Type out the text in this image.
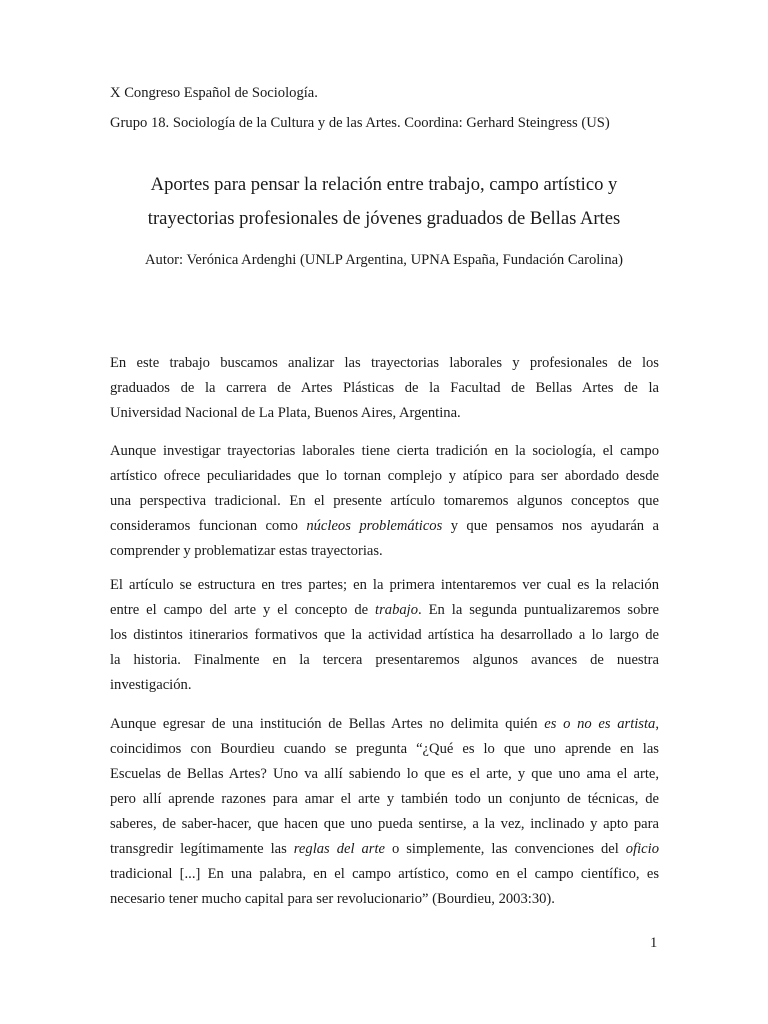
X Congreso Español de Sociología.
Grupo 18. Sociología de la Cultura y de las Artes. Coordina: Gerhard Steingress (US)
Aportes para pensar la relación entre trabajo, campo artístico y
trayectorias profesionales de jóvenes graduados de Bellas Artes
Autor: Verónica Ardenghi (UNLP Argentina, UPNA España, Fundación Carolina)
En este trabajo buscamos analizar las trayectorias laborales y profesionales de los
graduados de la carrera de Artes Plásticas de la Facultad de Bellas Artes de la
Universidad Nacional de La Plata, Buenos Aires, Argentina.
Aunque investigar trayectorias laborales tiene cierta tradición en la sociología, el campo
artístico ofrece peculiaridades que lo tornan complejo y atípico para ser abordado desde
una perspectiva tradicional. En el presente artículo tomaremos algunos conceptos que
consideramos funcionan como núcleos problemáticos y que pensamos nos ayudarán a
comprender y problematizar estas trayectorias.
El artículo se estructura en tres partes; en la primera intentaremos ver cual es la relación
entre el campo del arte y el concepto de trabajo. En la segunda puntualizaremos sobre
los distintos itinerarios formativos que la actividad artística ha desarrollado a lo largo de
la historia. Finalmente en la tercera presentaremos algunos avances de nuestra
investigación.
Aunque egresar de una institución de Bellas Artes no delimita quién es o no es artista,
coincidimos con Bourdieu cuando se pregunta “¿Qué es lo que uno aprende en las
Escuelas de Bellas Artes? Uno va allí sabiendo lo que es el arte, y que uno ama el arte,
pero allí aprende razones para amar el arte y también todo un conjunto de técnicas, de
saberes, de saber-hacer, que hacen que uno pueda sentirse, a la vez, inclinado y apto para
transgredir legítimamente las reglas del arte o simplemente, las convenciones del oficio
tradicional [...] En una palabra, en el campo artístico, como en el campo científico, es
necesario tener mucho capital para ser revolucionario” (Bourdieu, 2003:30).
1
